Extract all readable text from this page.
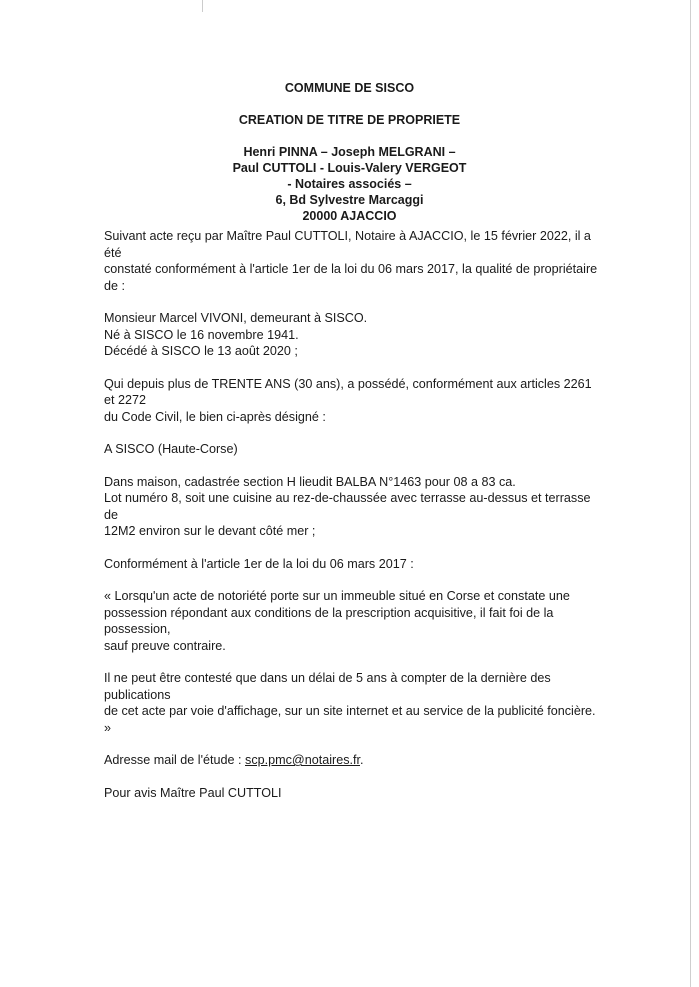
COMMUNE DE SISCO
CREATION DE TITRE DE PROPRIETE
Henri PINNA – Joseph MELGRANI –
Paul CUTTOLI - Louis-Valery VERGEOT
- Notaires associés –
6, Bd Sylvestre Marcaggi
20000 AJACCIO
Suivant acte reçu par Maître Paul CUTTOLI, Notaire à AJACCIO, le 15 février 2022, il a été
constaté conformément à l'article 1er de la loi du 06 mars 2017, la qualité de propriétaire de :
Monsieur Marcel VIVONI, demeurant à SISCO.
Né à SISCO le 16 novembre 1941.
Décédé à SISCO le 13 août 2020 ;
Qui depuis plus de TRENTE ANS (30 ans), a possédé, conformément aux articles 2261 et 2272
du Code Civil, le bien ci-après désigné :
A SISCO (Haute-Corse)
Dans maison, cadastrée section H lieudit BALBA N°1463 pour 08 a 83 ca.
Lot numéro 8, soit une cuisine au rez-de-chaussée avec terrasse au-dessus et terrasse de
12M2 environ sur le devant côté mer ;
Conformément à l'article 1er de la loi du 06 mars 2017 :
« Lorsqu'un acte de notoriété porte sur un immeuble situé en Corse et constate une
possession répondant aux conditions de la prescription acquisitive, il fait foi de la possession,
sauf preuve contraire.
Il ne peut être contesté que dans un délai de 5 ans à compter de la dernière des publications
de cet acte par voie d'affichage, sur un site internet et au service de la publicité foncière. »
Adresse mail de l'étude : scp.pmc@notaires.fr.
Pour avis Maître Paul CUTTOLI
